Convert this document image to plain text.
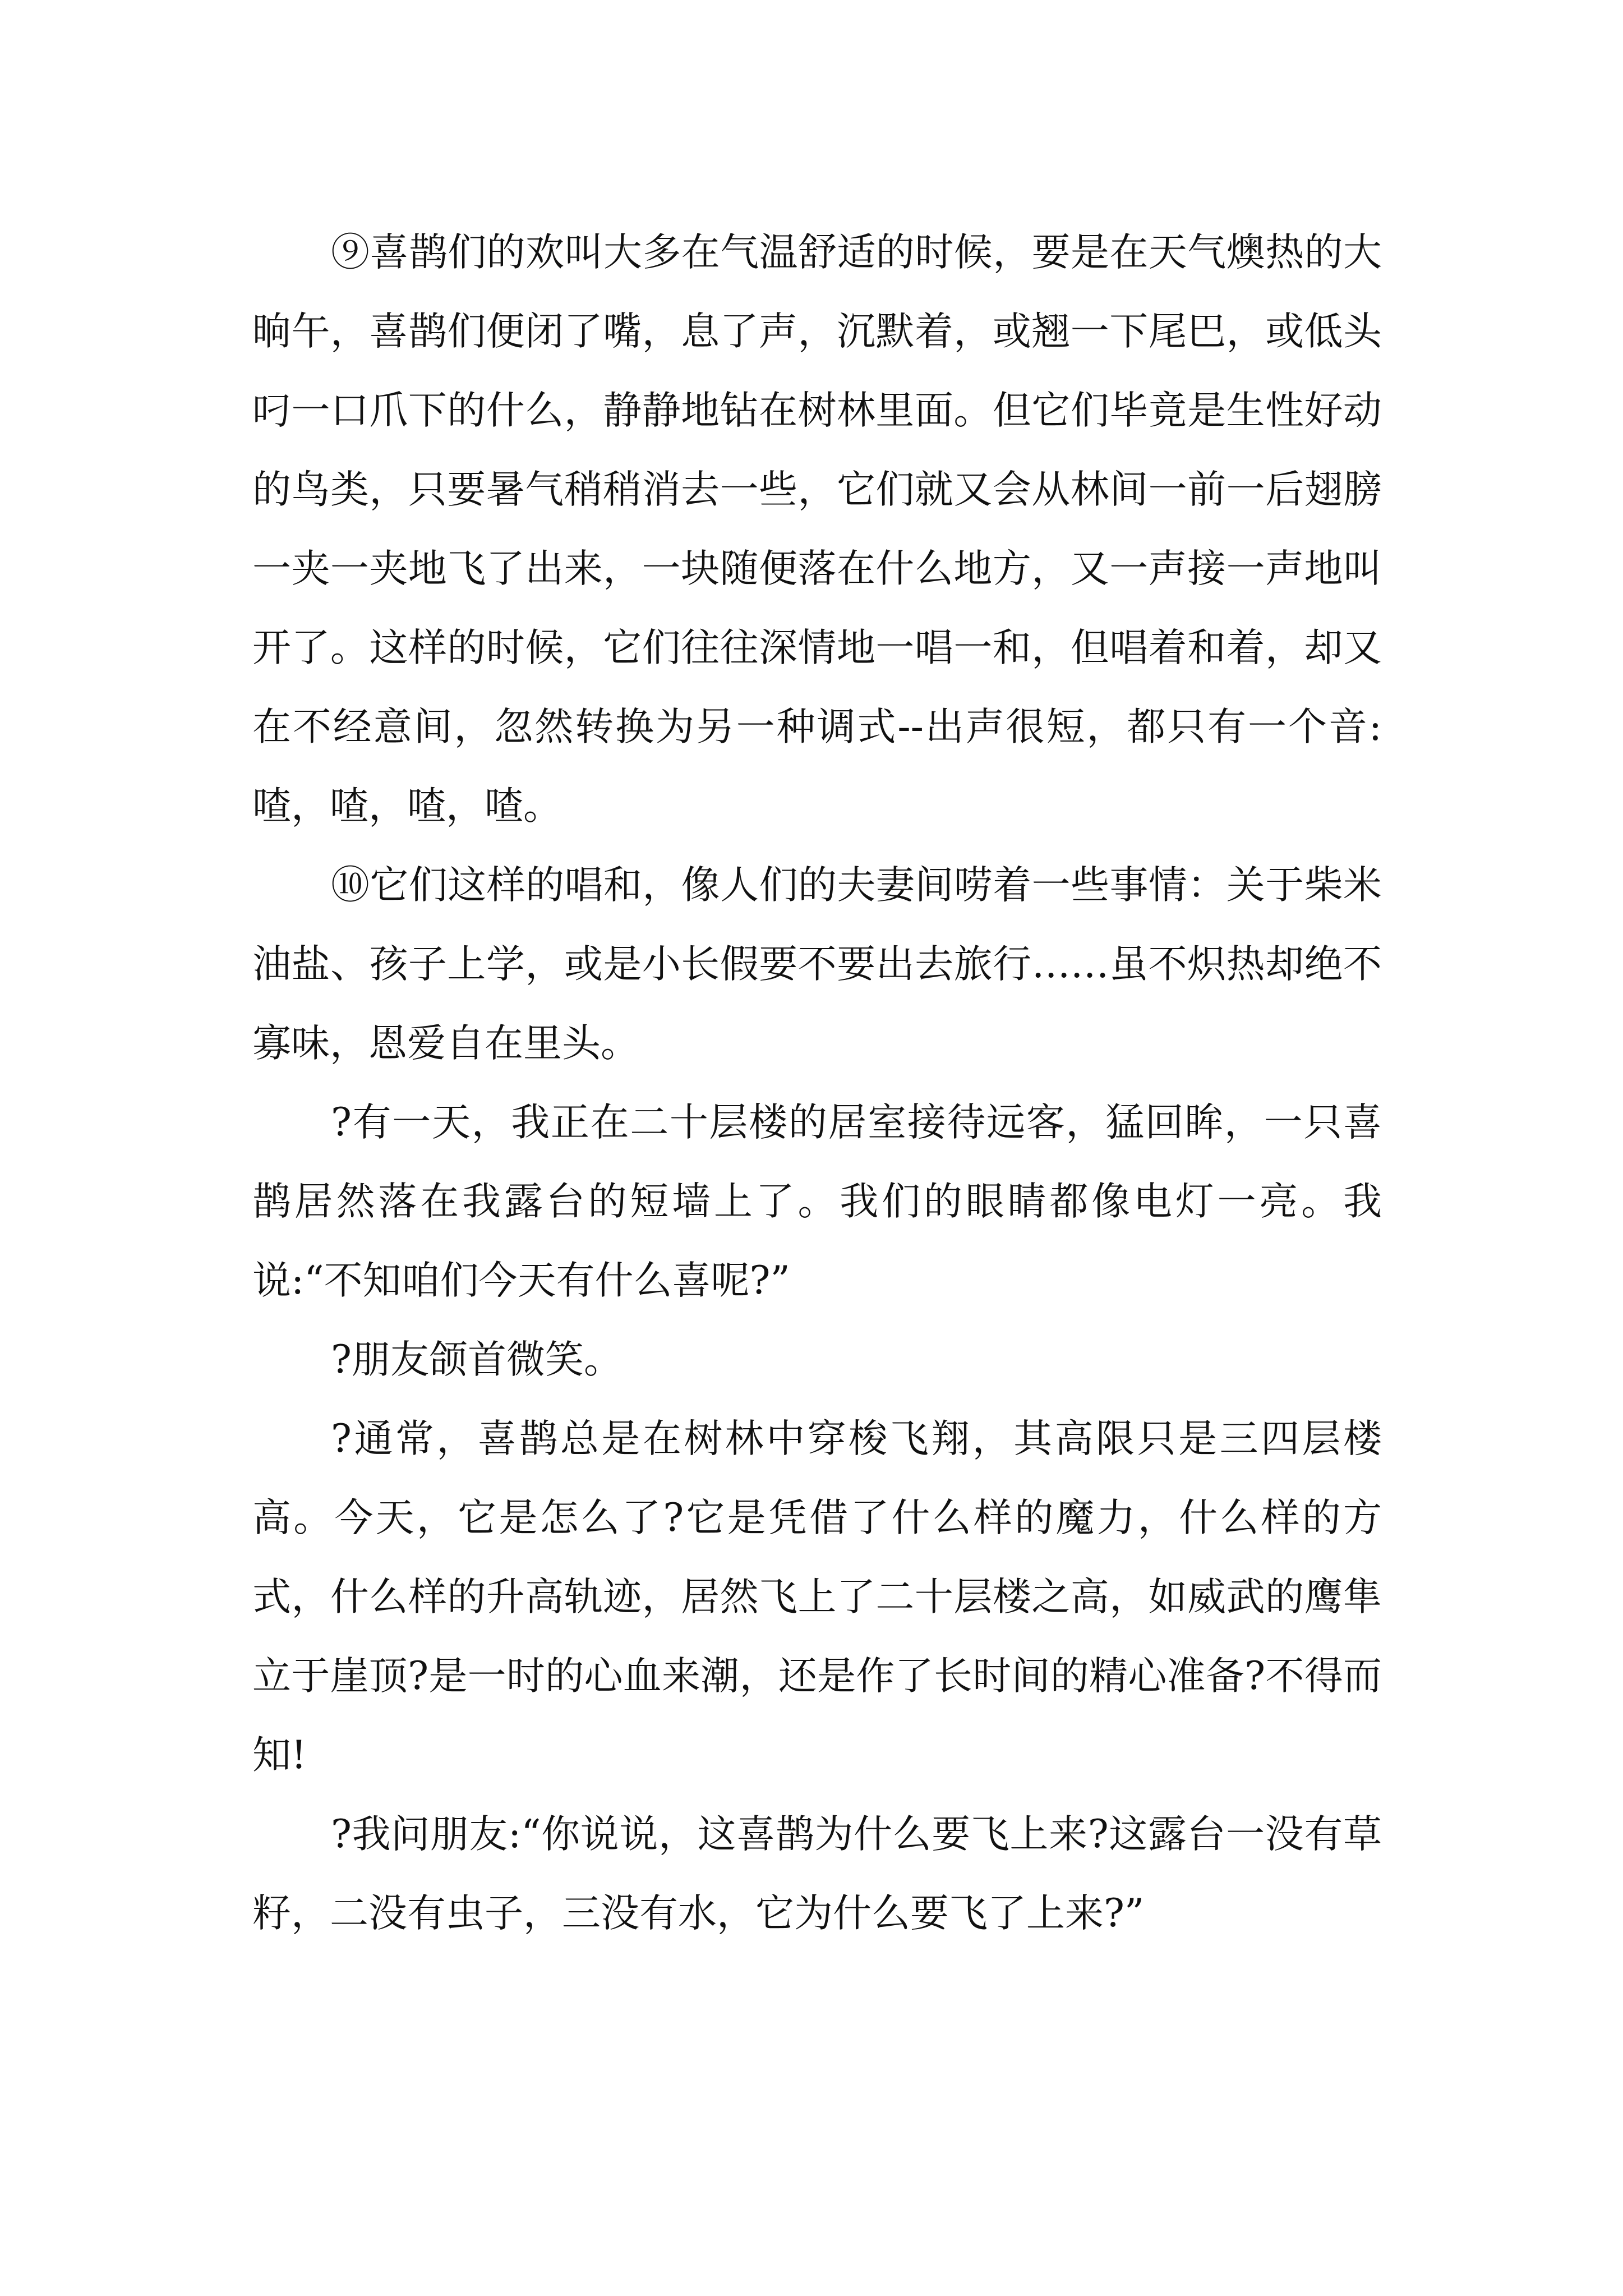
⑨喜鹊们的欢叫大多在气温舒适的时候，要是在天气燠热的大晌午，喜鹊们便闭了嘴，息了声，沉默着，或翘一下尾巴，或低头叼一口爪下的什么，静静地钻在树林里面。但它们毕竟是生性好动的鸟类，只要暑气稍稍消去一些，它们就又会从林间一前一后翅膀一夹一夹地飞了出来，一块随便落在什么地方，又一声接一声地叫开了。这样的时候，它们往往深情地一唱一和，但唱着和着，却又在不经意间，忽然转换为另一种调式--出声很短，都只有一个音:喳，喳，喳，喳。

⑩它们这样的唱和，像人们的夫妻间唠着一些事情：关于柴米油盐、孩子上学，或是小长假要不要出去旅行……虽不炽热却绝不寡味，恩爱自在里头。

?有一天，我正在二十层楼的居室接待远客，猛回眸，一只喜鹊居然落在我露台的短墙上了。我们的眼睛都像电灯一亮。我说:“不知咱们今天有什么喜呢?”

?朋友颌首微笑。

?通常，喜鹊总是在树林中穿梭飞翔，其高限只是三四层楼高。今天，它是怎么了?它是凭借了什么样的魔力，什么样的方式，什么样的升高轨迹，居然飞上了二十层楼之高，如威武的鹰隼立于崖顶?是一时的心血来潮，还是作了长时间的精心准备?不得而知!

?我问朋友:“你说说，这喜鹊为什么要飞上来?这露台一没有草籽，二没有虫子，三没有水，它为什么要飞了上来?”
